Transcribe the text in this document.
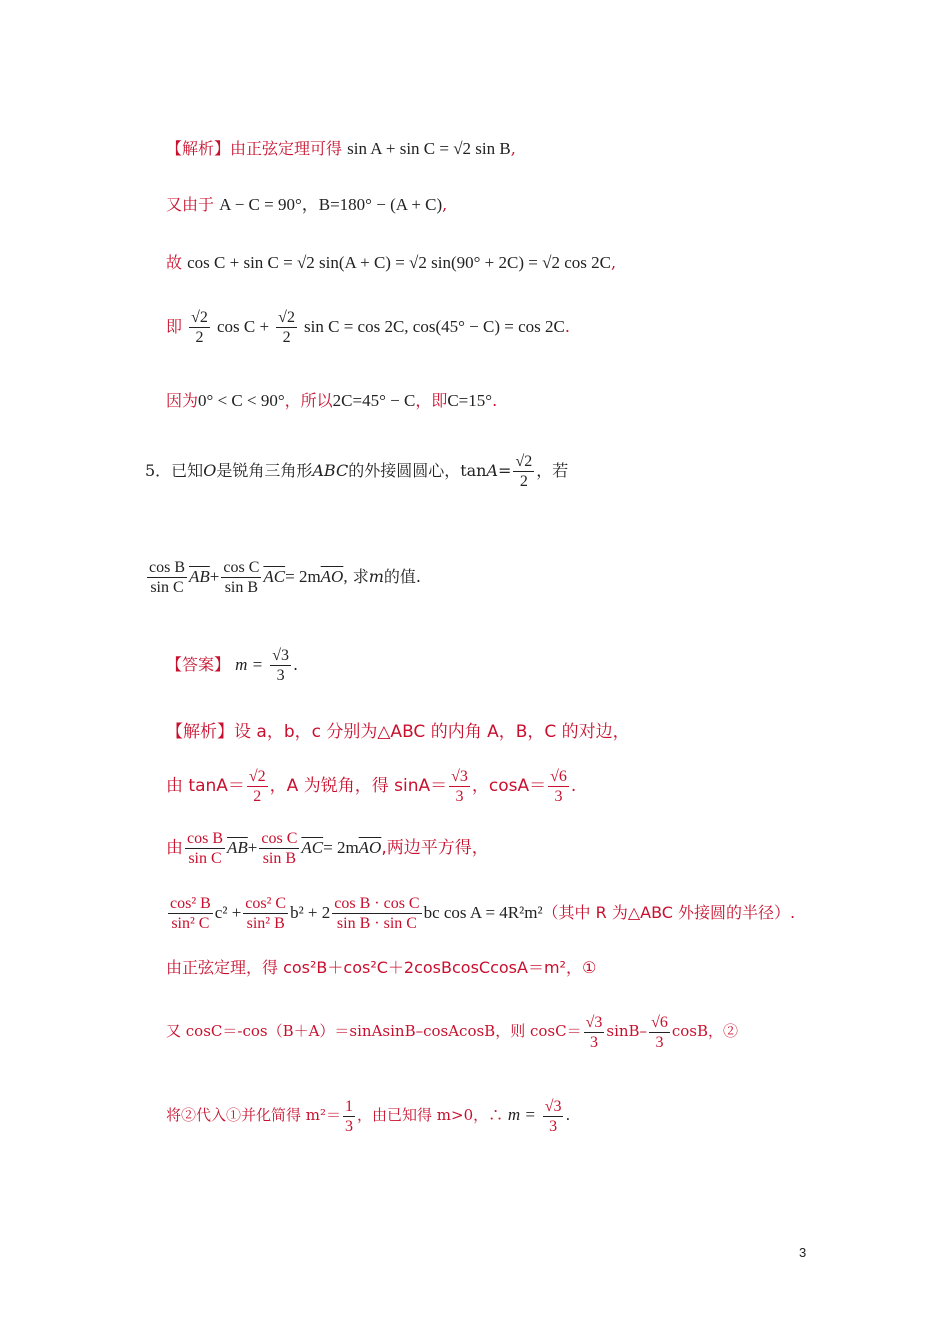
【解析】由正弦定理可得 sin A + sin C = √2 sin B,
又由于 A − C = 90°，B=180° − (A + C),
故 cos C + sin C = √2 sin(A + C) = √2 sin(90° + 2C) = √2 cos 2C,
即 $\frac{√2}{2}$ $\cos C + \frac{√2}{2}$ sin C = cos 2C, cos(45° − C) = cos 2C.
因为0° < C < 90°，所以2C=45° − C，即C=15°.
5．已知O是锐角三角形ABC的外接圆圆心，$\tan A= \frac{√2}{2}$ ，若
$\frac{\text{cos B}}{\text{sin C}} \overline{AB}+ \frac{\text{cos C}}{\text{sin B}} \overline{AC}= 2m\overline{AO}$, 求m的值.
【答案】 $m = \frac{√3}{3}$ .
【解析】设 a，b，c 分别为△ABC 的内角 A，B，C 的对边，
由 $\tan A= \frac{√2}{2}$ ，A 为锐角，得 $\sin A= \frac{√3}{3}$ ，$\cos A= \frac{√6}{3}$ .
由 $\frac{\text{cos B}}{\text{sin C}} \overline{AB}+ \frac{\text{cos C}}{\text{sin B}} \overline{AC}= 2m\overline{AO}$,两边平方得，
$\frac{\text{cos² B}}{\text{sin² C}} c^2 + \frac{\text{cos² C}}{\text{sin² B}} b^2 + 2 \frac{\text{cos B · cos C}}{\text{sin B · sin C}}$ bc cos A = 4R²m²（其中 R 为△ABC 外接圆的半径）.
由正弦定理，得 cos²B＋cos²C＋2cosBcosCcosA＝m²，①
又 cosC＝-cos（B＋A）＝sinAsinB–cosAcosB，则 $\cos C= \frac{√3}{3} \sin B- \frac{√6}{3}$ cosB，②
将②代入①并化简得 $m^2= \frac{1}{3}$ ，由已知得 m>0，∴ $m = \frac{√3}{3}$ .
3
